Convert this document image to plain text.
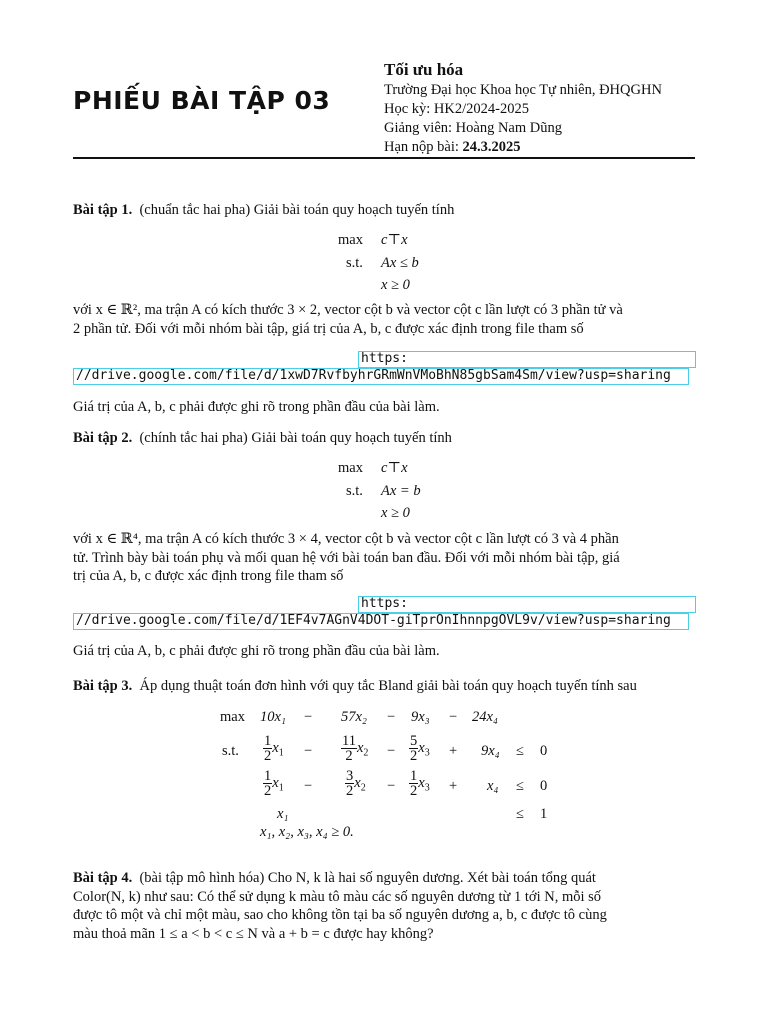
PHIẾU BÀI TẬP 03
Tối ưu hóa
Trường Đại học Khoa học Tự nhiên, ĐHQGHN
Học kỳ: HK2/2024-2025
Giảng viên: Hoàng Nam Dũng
Hạn nộp bài: 24.3.2025
Bài tập 1. (chuẩn tắc hai pha) Giải bài toán quy hoạch tuyến tính
max c⊤x
s.t. Ax ≤ b
x ≥ 0
với x ∈ ℝ², ma trận A có kích thước 3 × 2, vector cột b và vector cột c lần lượt có 3 phần tử và
2 phần tử. Đối với mỗi nhóm bài tập, giá trị của A, b, c được xác định trong file tham số
https:
//drive.google.com/file/d/1xwD7RvfbyhrGRmWnVMoBhN85gbSam4Sm/view?usp=sharing
Giá trị của A, b, c phải được ghi rõ trong phần đầu của bài làm.
Bài tập 2. (chính tắc hai pha) Giải bài toán quy hoạch tuyến tính
max c⊤x
s.t. Ax = b
x ≥ 0
với x ∈ ℝ⁴, ma trận A có kích thước 3 × 4, vector cột b và vector cột c lần lượt có 3 và 4 phần
tử. Trình bày bài toán phụ và mối quan hệ với bài toán ban đầu. Đối với mỗi nhóm bài tập, giá
trị của A, b, c được xác định trong file tham số
https:
//drive.google.com/file/d/1EF4v7AGnV4DOT-giTprOnIhnnpgOVL9v/view?usp=sharing
Giá trị của A, b, c phải được ghi rõ trong phần đầu của bài làm.
Bài tập 3. Áp dụng thuật toán đơn hình với quy tắc Bland giải bài toán quy hoạch tuyến tính sau
max 10x₁ − 57x₂ − 9x₃ − 24x₄
s.t. $\frac{1}{2} x_1 - \frac{11}{2} x_2 - \frac{5}{2} x_3 + 9x_4 \le 0$
$\frac{1}{2} x_1 - \frac{3}{2} x_2 - \frac{1}{2} x_3 + x_4 \le 0$
x₁	≤ 1
x₁, x₂, x₃, x₄ ≥ 0.
Bài tập 4. (bài tập mô hình hóa) Cho N, k là hai số nguyên dương. Xét bài toán tổng quát
Color(N, k) như sau: Có thể sử dụng k màu tô màu các số nguyên dương từ 1 tới N, mỗi số
được tô một và chỉ một màu, sao cho không tồn tại ba số nguyên dương a, b, c được tô cùng
màu thoả mãn 1 ≤ a < b < c ≤ N và a + b = c được hay không?
